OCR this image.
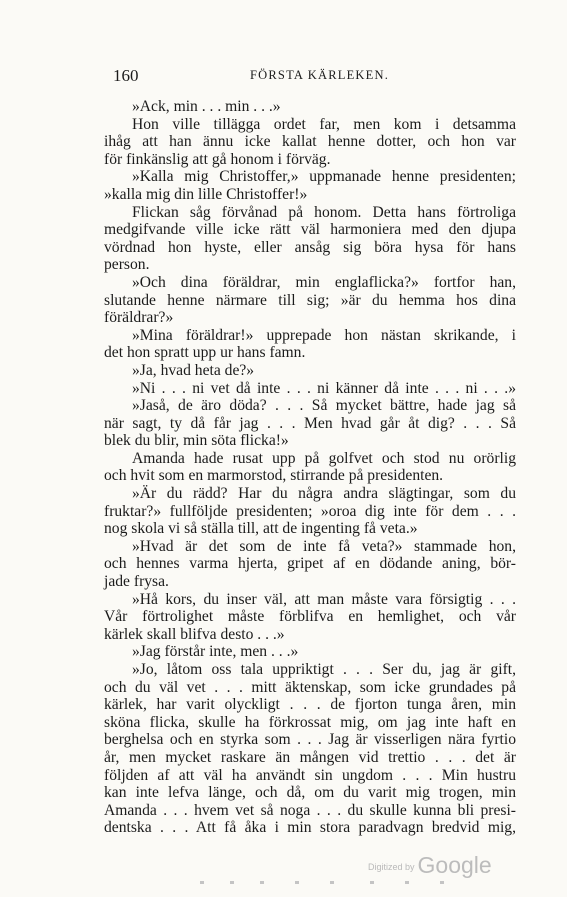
160	FÖRSTA KÄRLEKEN.
»Ack, min . . . min . . .»
Hon ville tillägga ordet far, men kom i detsamma
ihåg att han ännu icke kallat henne dotter, och hon var
för finkänslig att gå honom i förväg.
»Kalla mig Christoffer,» uppmanade henne presidenten;
»kalla mig din lille Christoffer!»
Flickan såg förvånad på honom. Detta hans förtroliga
medgifvande ville icke rätt väl harmoniera med den djupa
vördnad hon hyste, eller ansåg sig böra hysa för hans
person.
»Och dina föräldrar, min englaflicka?» fortfor han,
slutande henne närmare till sig; »är du hemma hos dina
föräldrar?»
»Mina föräldrar!» upprepade hon nästan skrikande, i
det hon spratt upp ur hans famn.
»Ja, hvad heta de?»
»Ni . . . ni vet då inte . . . ni känner då inte . . . ni . . .»
»Jaså, de äro döda? . . . Så mycket bättre, hade jag så
när sagt, ty då får jag . . . Men hvad går åt dig? . . . Så
blek du blir, min söta flicka!»
Amanda hade rusat upp på golfvet och stod nu orörlig
och hvit som en marmorstod, stirrande på presidenten.
»Är du rädd? Har du några andra slägtingar, som du
fruktar?» fullföljde presidenten; »oroa dig inte för dem . . .
nog skola vi så ställa till, att de ingenting få veta.»
»Hvad är det som de inte få veta?» stammade hon,
och hennes varma hjerta, gripet af en dödande aning, bör-
jade frysa.
»Hå kors, du inser väl, att man måste vara försigtig . . .
Vår förtrolighet måste förblifva en hemlighet, och vår
kärlek skall blifva desto . . .»
»Jag förstår inte, men . . .»
»Jo, låtom oss tala uppriktigt . . . Ser du, jag är gift,
och du väl vet . . . mitt äktenskap, som icke grundades på
kärlek, har varit olyckligt . . . de fjorton tunga åren, min
sköna flicka, skulle ha förkrossat mig, om jag inte haft en
berghelsa och en styrka som . . . Jag är visserligen nära fyrtio
år, men mycket raskare än mången vid trettio . . . det är
följden af att väl ha användt sin ungdom . . . Min hustru
kan inte lefva länge, och då, om du varit mig trogen, min
Amanda . . . hvem vet så noga . . . du skulle kunna bli presi-
dentska . . . Att få åka i min stora paradvagn bredvid mig,
Digitized by Google
